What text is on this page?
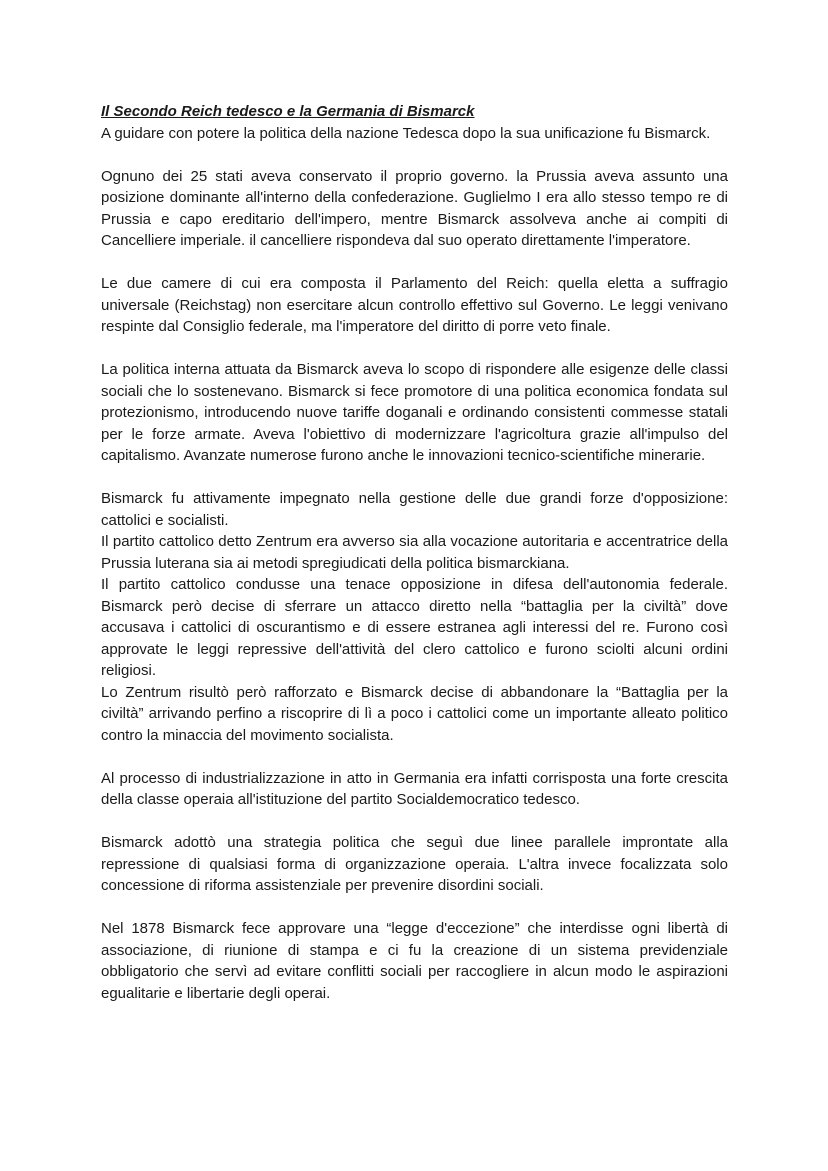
Il Secondo Reich tedesco e la Germania di Bismarck
A guidare con potere la politica della nazione Tedesca dopo la sua unificazione fu Bismarck.

Ognuno dei 25 stati aveva conservato il proprio governo. la Prussia aveva assunto una posizione dominante all'interno della confederazione. Guglielmo I era allo stesso tempo re di Prussia e capo ereditario dell'impero, mentre Bismarck assolveva anche ai compiti di Cancelliere imperiale. il cancelliere rispondeva dal suo operato direttamente l'imperatore.

Le due camere di cui era composta il Parlamento del Reich: quella eletta a suffragio universale (Reichstag) non esercitare alcun controllo effettivo sul Governo. Le leggi venivano respinte dal Consiglio federale, ma l'imperatore del diritto di porre veto finale.

La politica interna attuata da Bismarck aveva lo scopo di rispondere alle esigenze delle classi sociali che lo sostenevano. Bismarck si fece promotore di una politica economica fondata sul protezionismo, introducendo nuove tariffe doganali e ordinando consistenti commesse statali per le forze armate. Aveva l'obiettivo di modernizzare l'agricoltura grazie all'impulso del capitalismo. Avanzate numerose furono anche le innovazioni tecnico-scientifiche minerarie.

Bismarck fu attivamente impegnato nella gestione delle due grandi forze d'opposizione: cattolici e socialisti.

Il partito cattolico detto Zentrum era avverso sia alla vocazione autoritaria e accentratrice della Prussia luterana sia ai metodi spregiudicati della politica bismarckiana.

Il partito cattolico condusse una tenace opposizione in difesa dell'autonomia federale. Bismarck però decise di sferrare un attacco diretto nella “battaglia per la civiltà” dove accusava i cattolici di oscurantismo e di essere estranea agli interessi del re. Furono così approvate le leggi repressive dell'attività del clero cattolico e furono sciolti alcuni ordini religiosi.

Lo Zentrum risultò però rafforzato e Bismarck decise di abbandonare la “Battaglia per la civiltà” arrivando perfino a riscoprire di lì a poco i cattolici come un importante alleato politico contro la minaccia del movimento socialista.

Al processo di industrializzazione in atto in Germania era infatti corrisposta una forte crescita della classe operaia all'istituzione del partito Socialdemocratico tedesco.

Bismarck adottò una strategia politica che seguì due linee parallele improntate alla repressione di qualsiasi forma di organizzazione operaia. L'altra invece focalizzata solo concessione di riforma assistenziale per prevenire disordini sociali.

Nel 1878 Bismarck fece approvare una “legge d'eccezione” che interdisse ogni libertà di associazione, di riunione di stampa e ci fu la creazione di un sistema previdenziale obbligatorio che servì ad evitare conflitti sociali per raccogliere in alcun modo le aspirazioni egualitarie e libertarie degli operai.
